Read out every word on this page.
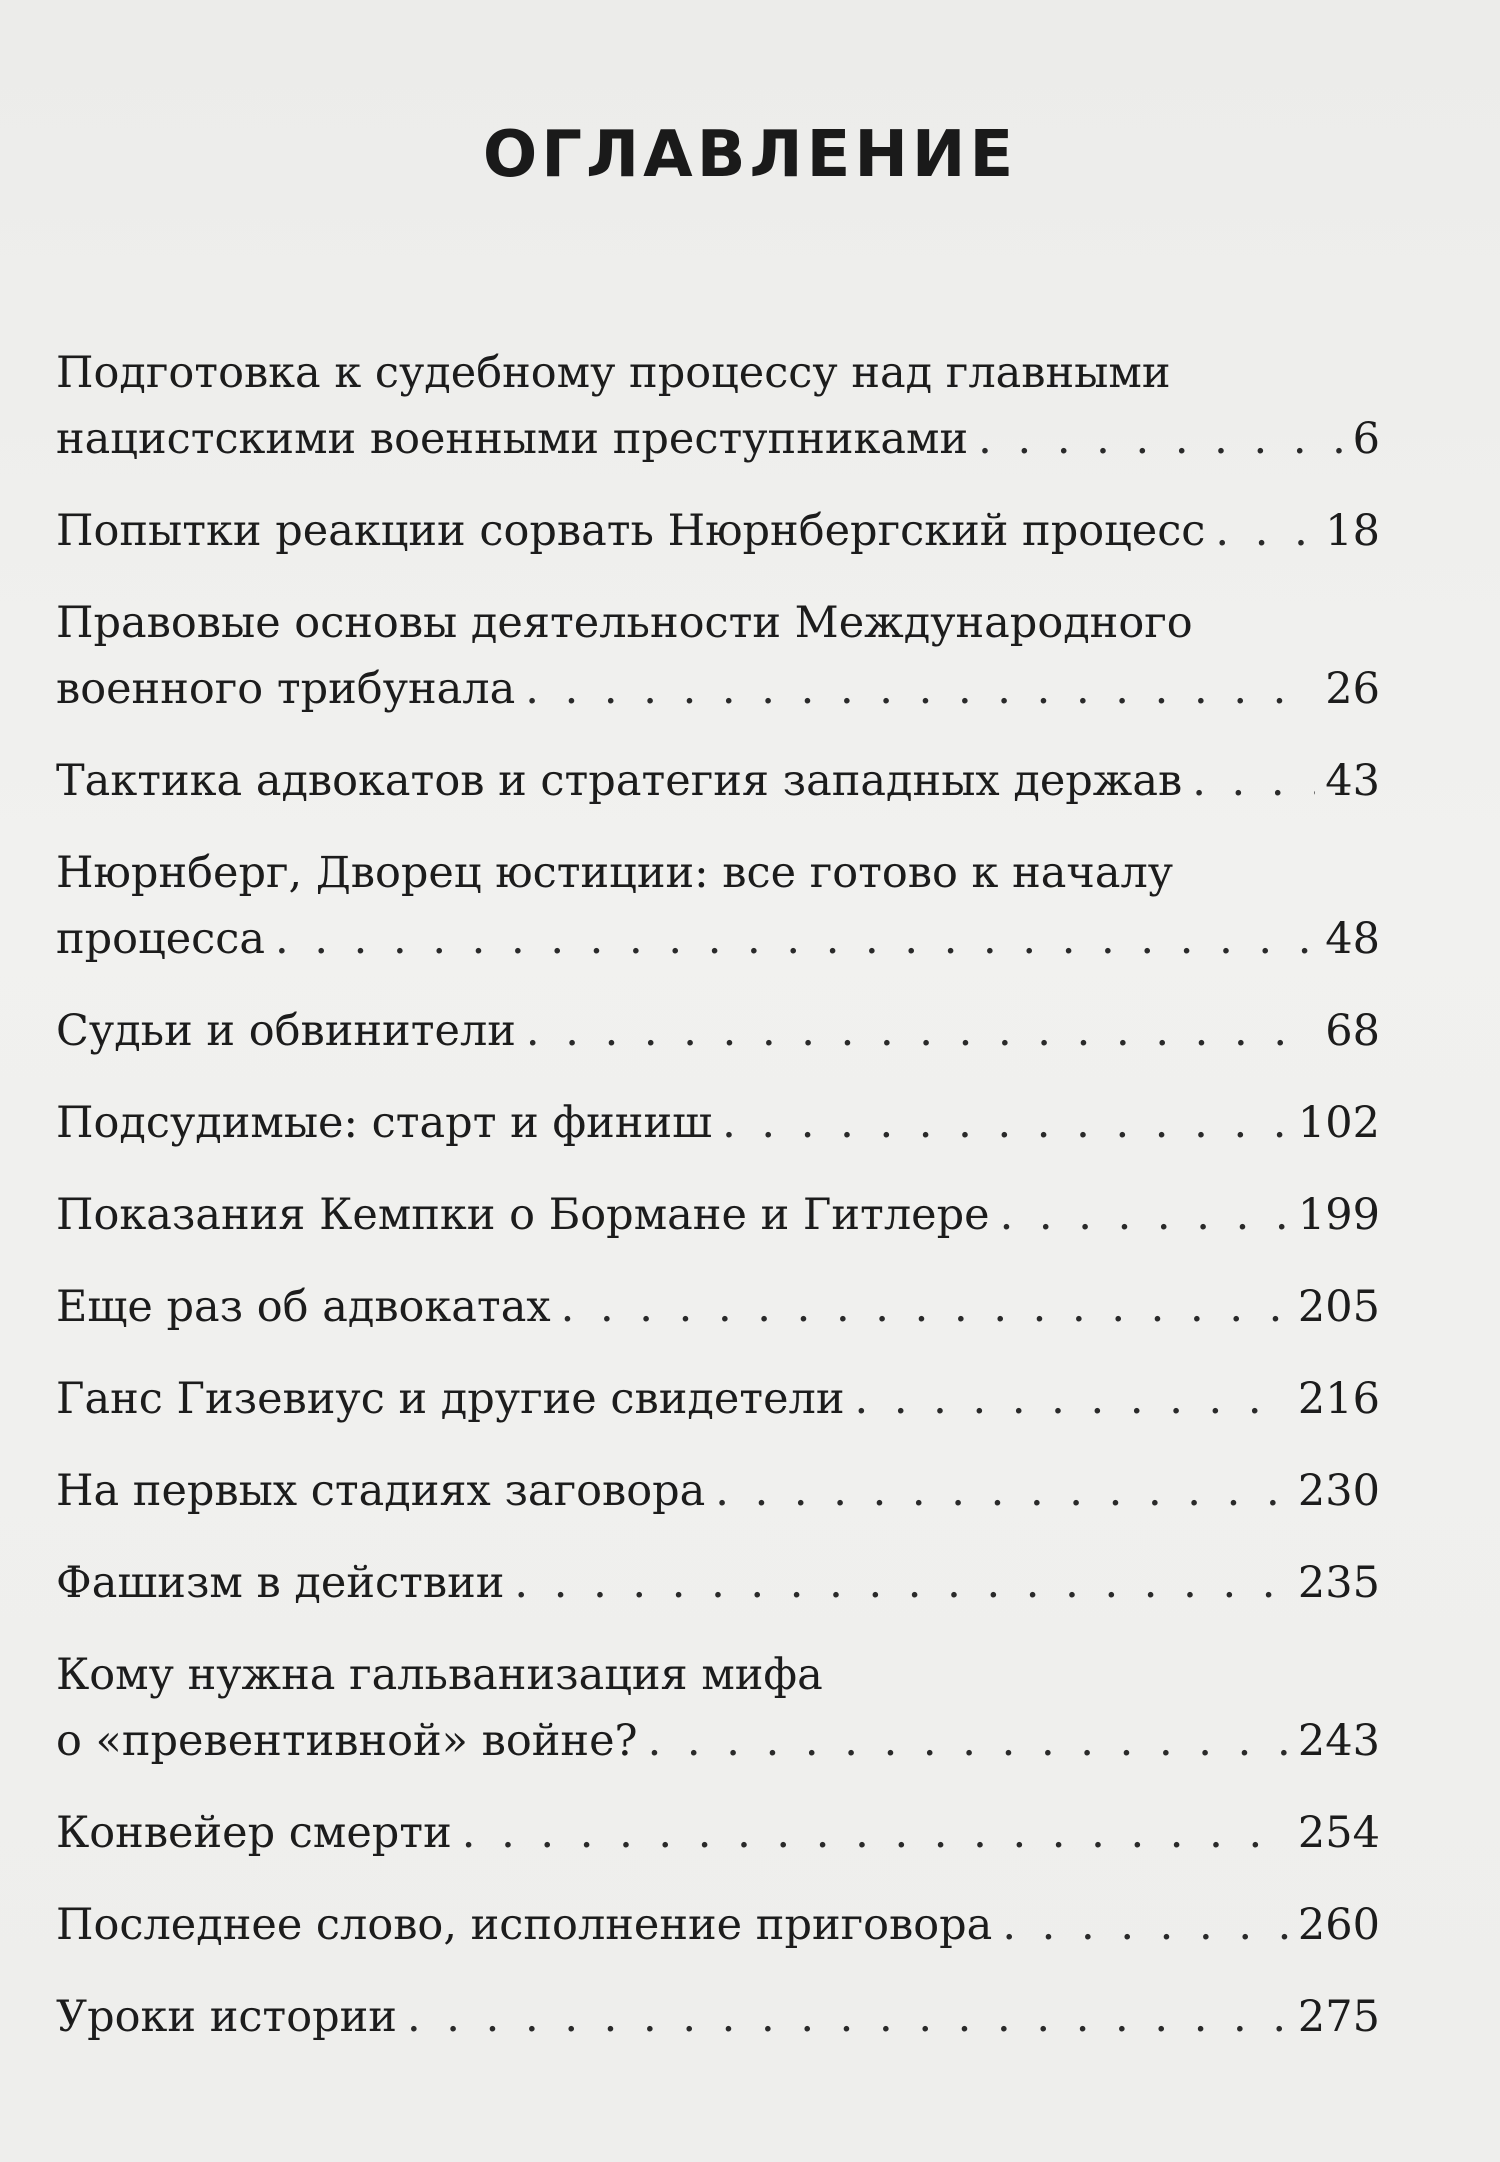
ОГЛАВЛЕНИЕ
Подготовка к судебному процессу над главными
нацистскими военными преступниками . . .	6
Попытки реакции сорвать Нюрнбергский процесс . . .	18
Правовые основы деятельности Международного
военного трибунала . . .	26
Тактика адвокатов и стратегия западных держав . . .	43
Нюрнберг, Дворец юстиции: все готово к началу
процесса . . .	48
Судьи и обвинители . . .	68
Подсудимые: старт и финиш . . .	102
Показания Кемпки о Бормане и Гитлере . . .	199
Еще раз об адвокатах . . .	205
Ганс Гизевиус и другие свидетели . . .	216
На первых стадиях заговора . . .	230
Фашизм в действии . . .	235
Кому нужна гальванизация мифа
о «превентивной» войне? . . .	243
Конвейер смерти . . .	254
Последнее слово, исполнение приговора . . .	260
Уроки истории . . .	275
